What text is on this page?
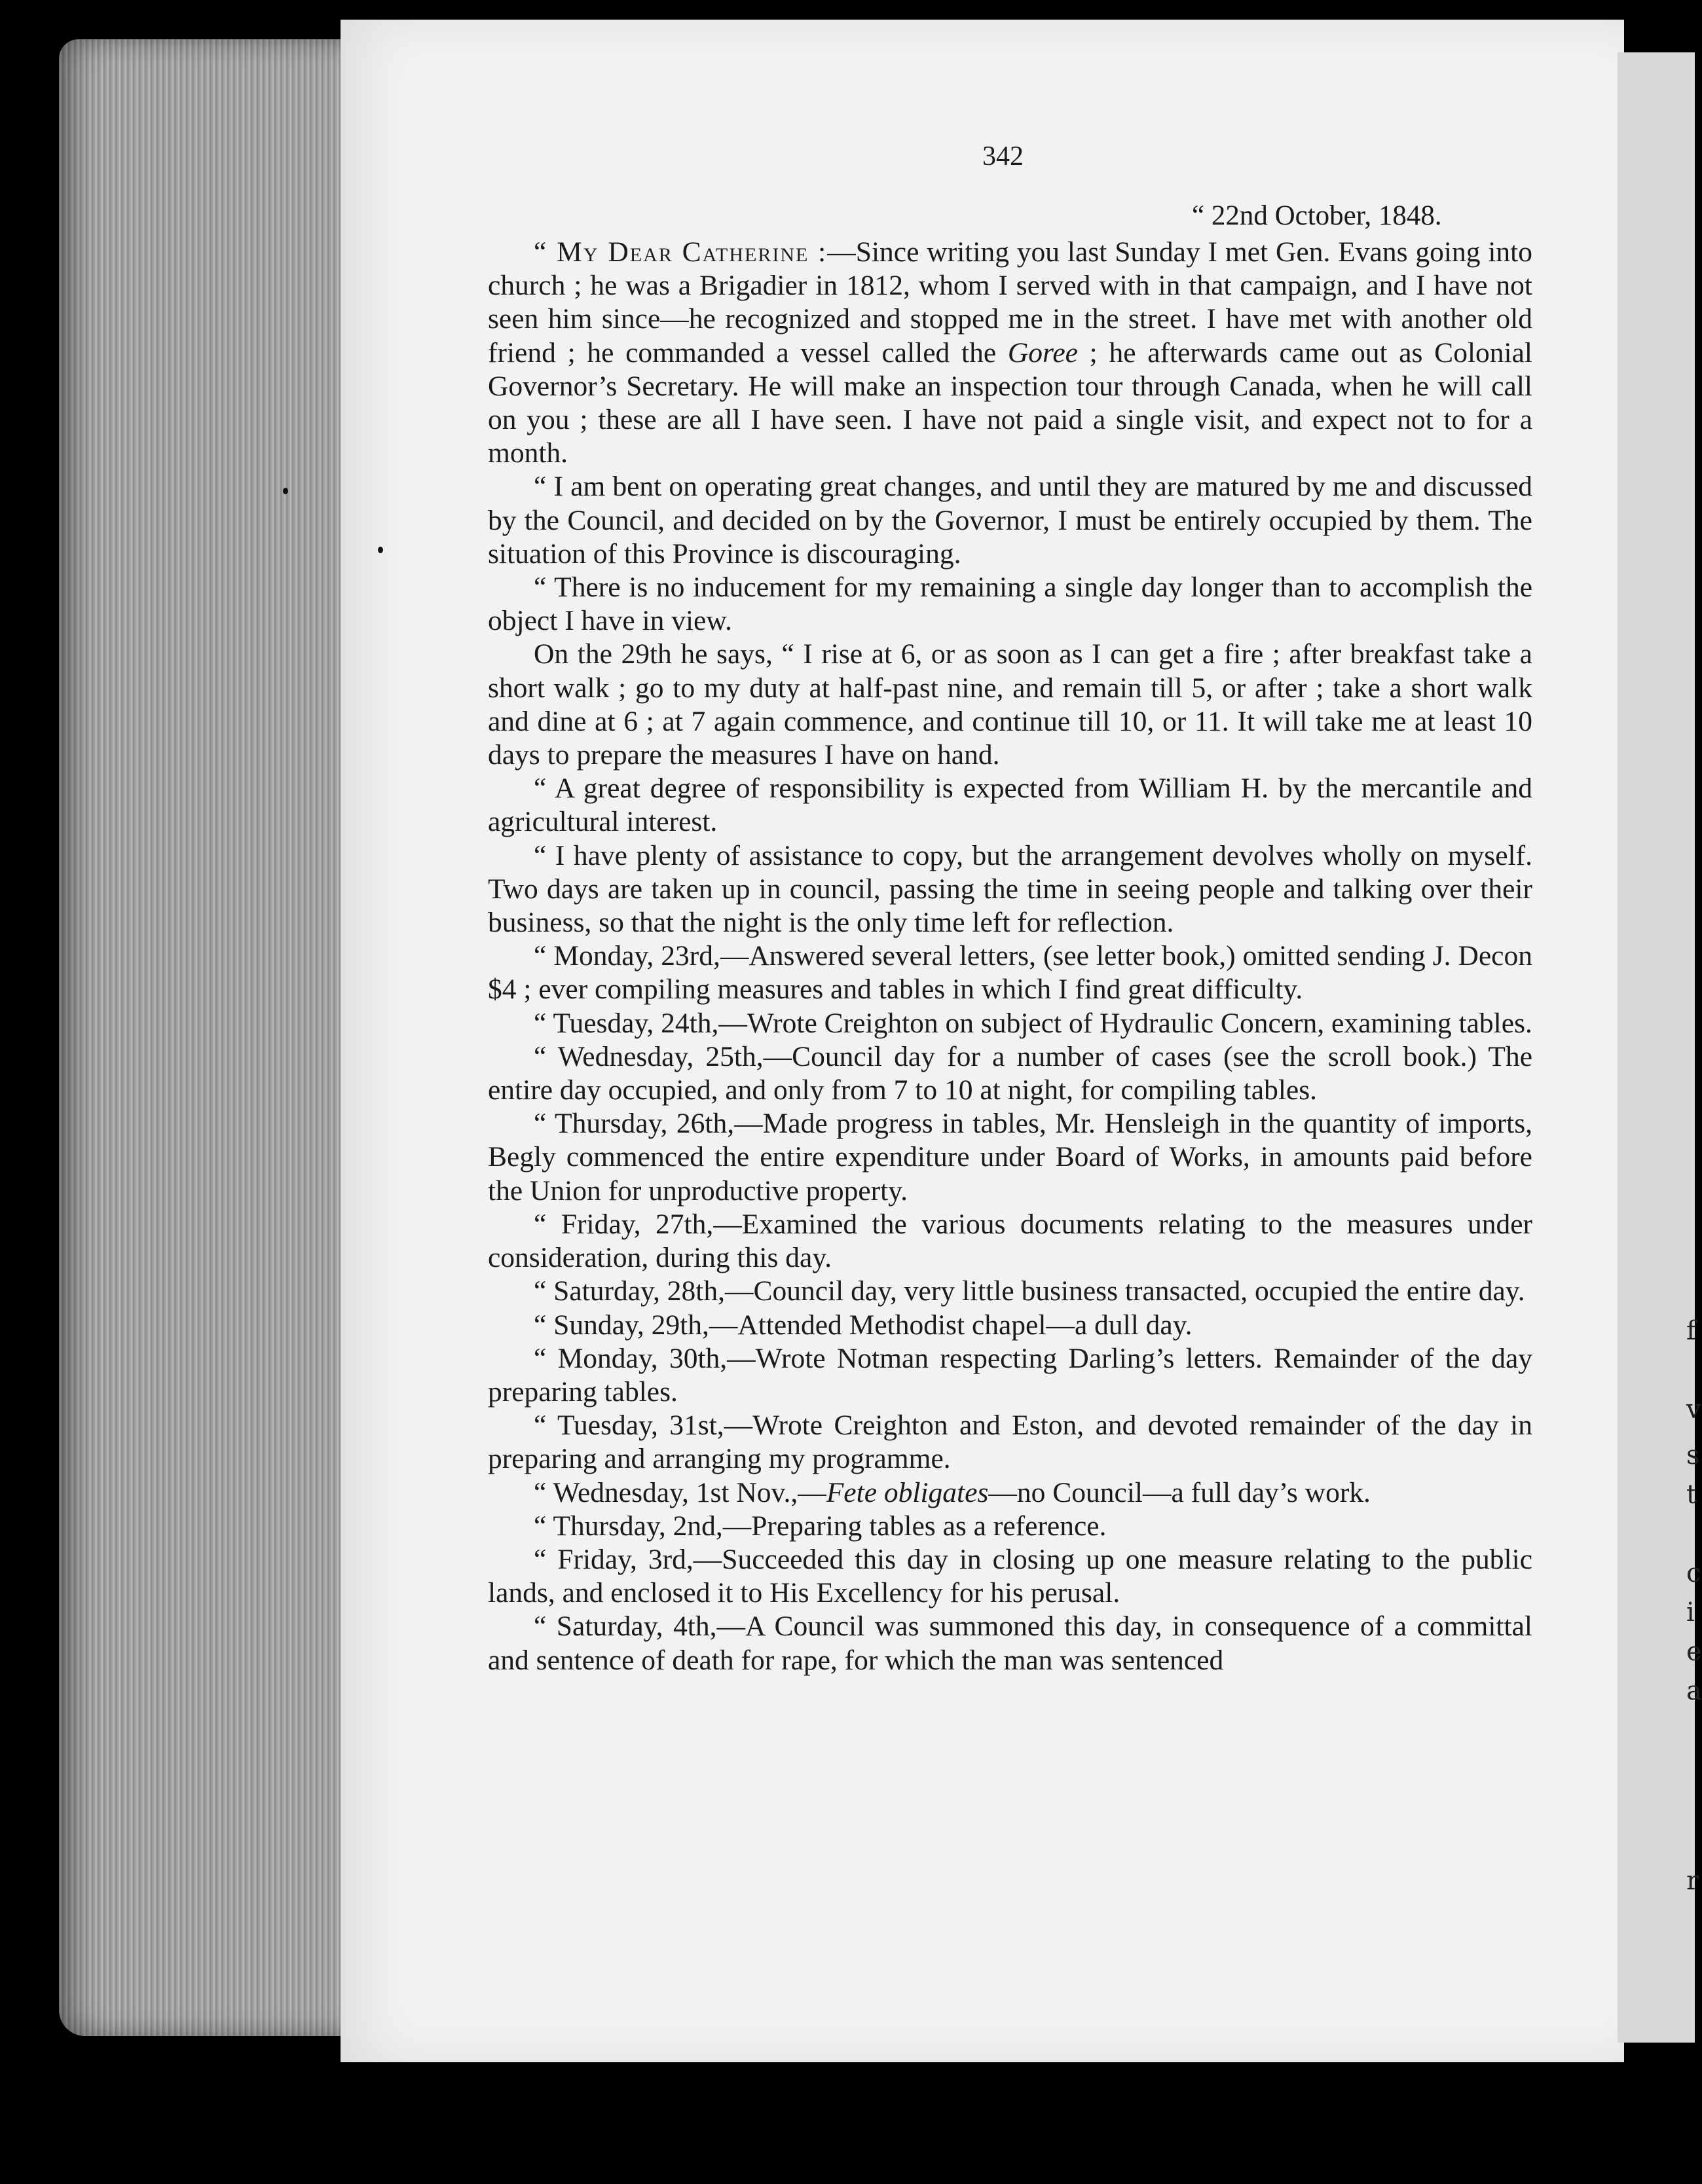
f
v
s
t
c
i
e
a
r
342
“ 22nd October, 1848.

“ My Dear Catherine :—Since writing you last Sunday I met Gen. Evans going into church ; he was a Brigadier in 1812, whom I served with in that campaign, and I have not seen him since—he recognized and stopped me in the street. I have met with another old friend ; he commanded a vessel called the Goree ; he afterwards came out as Colonial Governor’s Secretary. He will make an inspection tour through Canada, when he will call on you ; these are all I have seen. I have not paid a single visit, and expect not to for a month.

“ I am bent on operating great changes, and until they are matured by me and discussed by the Council, and decided on by the Governor, I must be entirely occupied by them. The situation of this Province is discouraging.

“ There is no inducement for my remaining a single day longer than to accomplish the object I have in view.

On the 29th he says, “ I rise at 6, or as soon as I can get a fire ; after breakfast take a short walk ; go to my duty at half-past nine, and remain till 5, or after ; take a short walk and dine at 6 ; at 7 again commence, and continue till 10, or 11. It will take me at least 10 days to prepare the measures I have on hand.

“ A great degree of responsibility is expected from William H. by the mercantile and agricultural interest.

“ I have plenty of assistance to copy, but the arrangement devolves wholly on myself. Two days are taken up in council, passing the time in seeing people and talking over their business, so that the night is the only time left for reflection.

“ Monday, 23rd,—Answered several letters, (see letter book,) omitted sending J. Decon $4 ; ever compiling measures and tables in which I find great difficulty.

“ Tuesday, 24th,—Wrote Creighton on subject of Hydraulic Concern, examining tables.

“ Wednesday, 25th,—Council day for a number of cases (see the scroll book.) The entire day occupied, and only from 7 to 10 at night, for compiling tables.

“ Thursday, 26th,—Made progress in tables, Mr. Hensleigh in the quantity of imports, Begly commenced the entire expenditure under Board of Works, in amounts paid before the Union for unproductive property.

“ Friday, 27th,—Examined the various documents relating to the measures under consideration, during this day.

“ Saturday, 28th,—Council day, very little business transacted, occupied the entire day.

“ Sunday, 29th,—Attended Methodist chapel—a dull day.

“ Monday, 30th,—Wrote Notman respecting Darling’s letters. Remainder of the day preparing tables.

“ Tuesday, 31st,—Wrote Creighton and Eston, and devoted remainder of the day in preparing and arranging my programme.

“ Wednesday, 1st Nov.,—Fete obligates—no Council—a full day’s work.

“ Thursday, 2nd,—Preparing tables as a reference.

“ Friday, 3rd,—Succeeded this day in closing up one measure relating to the public lands, and enclosed it to His Excellency for his perusal.

“ Saturday, 4th,—A Council was summoned this day, in consequence of a committal and sentence of death for rape, for which the man was sentenced
